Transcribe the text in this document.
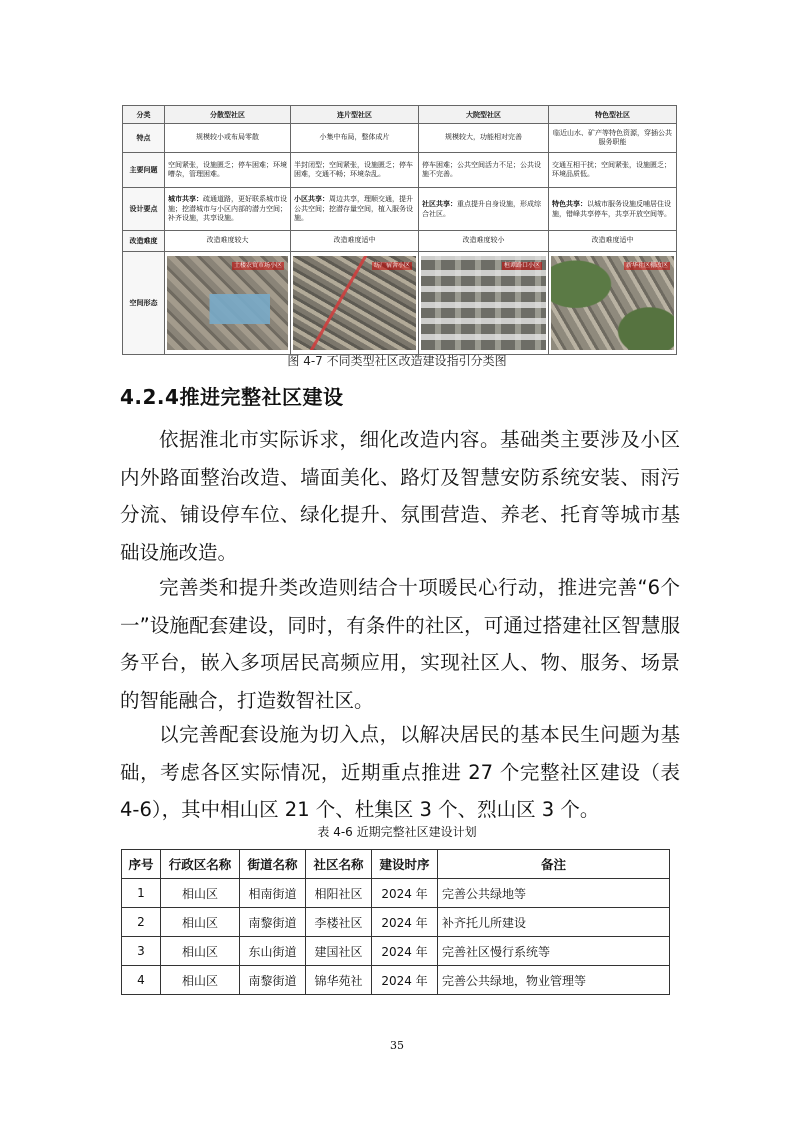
分类	分散型社区	连片型社区	大院型社区	特色型社区
特点	规模较小或布局零散	小集中布局，整体成片	规模较大，功能相对完善	临近山水、矿产等特色资源，穿插公共服务职能
主要问题	空间紧张，设施匮乏；停车困难；环境嘈杂，管理困难。	半封闭型；空间紧张，设施匮乏；停车困难，交通不畅；环境杂乱。	停车困难；公共空间活力不足；公共设施不完善。	交通互相干扰；空间紧张，设施匮乏；环境品质低。
设计要点	城市共享：疏通道路，更好联系城市设施；挖潜城市与小区内部的潜力空间；补齐设施，共享设施。	小区共享：周边共享，理顺交通，提升公共空间；挖潜存量空间，植入服务设施。	社区共享：重点提升自身设施，形成综合社区。	特色共享：以城市服务设施反哺居住设施，错峰共享停车，共享开放空间等。
改造难度	改造难度较大	改造难度适中	改造难度较小	改造难度适中
空间形态	土楼农贸市场小区	纺厂宿舍小区	桓谭路口小区	新华社区棚改区
图 4-7 不同类型社区改造建设指引分类图
4.2.4推进完整社区建设

依据淮北市实际诉求，细化改造内容。基础类主要涉及小区内外路面整治改造、墙面美化、路灯及智慧安防系统安装、雨污分流、铺设停车位、绿化提升、氛围营造、养老、托育等城市基础设施改造。

完善类和提升类改造则结合十项暖民心行动，推进完善“6个一”设施配套建设，同时，有条件的社区，可通过搭建社区智慧服务平台，嵌入多项居民高频应用，实现社区人、物、服务、场景的智能融合，打造数智社区。

以完善配套设施为切入点，以解决居民的基本民生问题为基础，考虑各区实际情况，近期重点推进 27 个完整社区建设（表4-6），其中相山区 21 个、杜集区 3 个、烈山区 3 个。

表 4-6 近期完整社区建设计划
序号	行政区名称	街道名称	社区名称	建设时序	备注
1	相山区	相南街道	相阳社区	2024 年	完善公共绿地等
2	相山区	南黎街道	李楼社区	2024 年	补齐托儿所建设
3	相山区	东山街道	建国社区	2024 年	完善社区慢行系统等
4	相山区	南黎街道	锦华苑社	2024 年	完善公共绿地，物业管理等
35
